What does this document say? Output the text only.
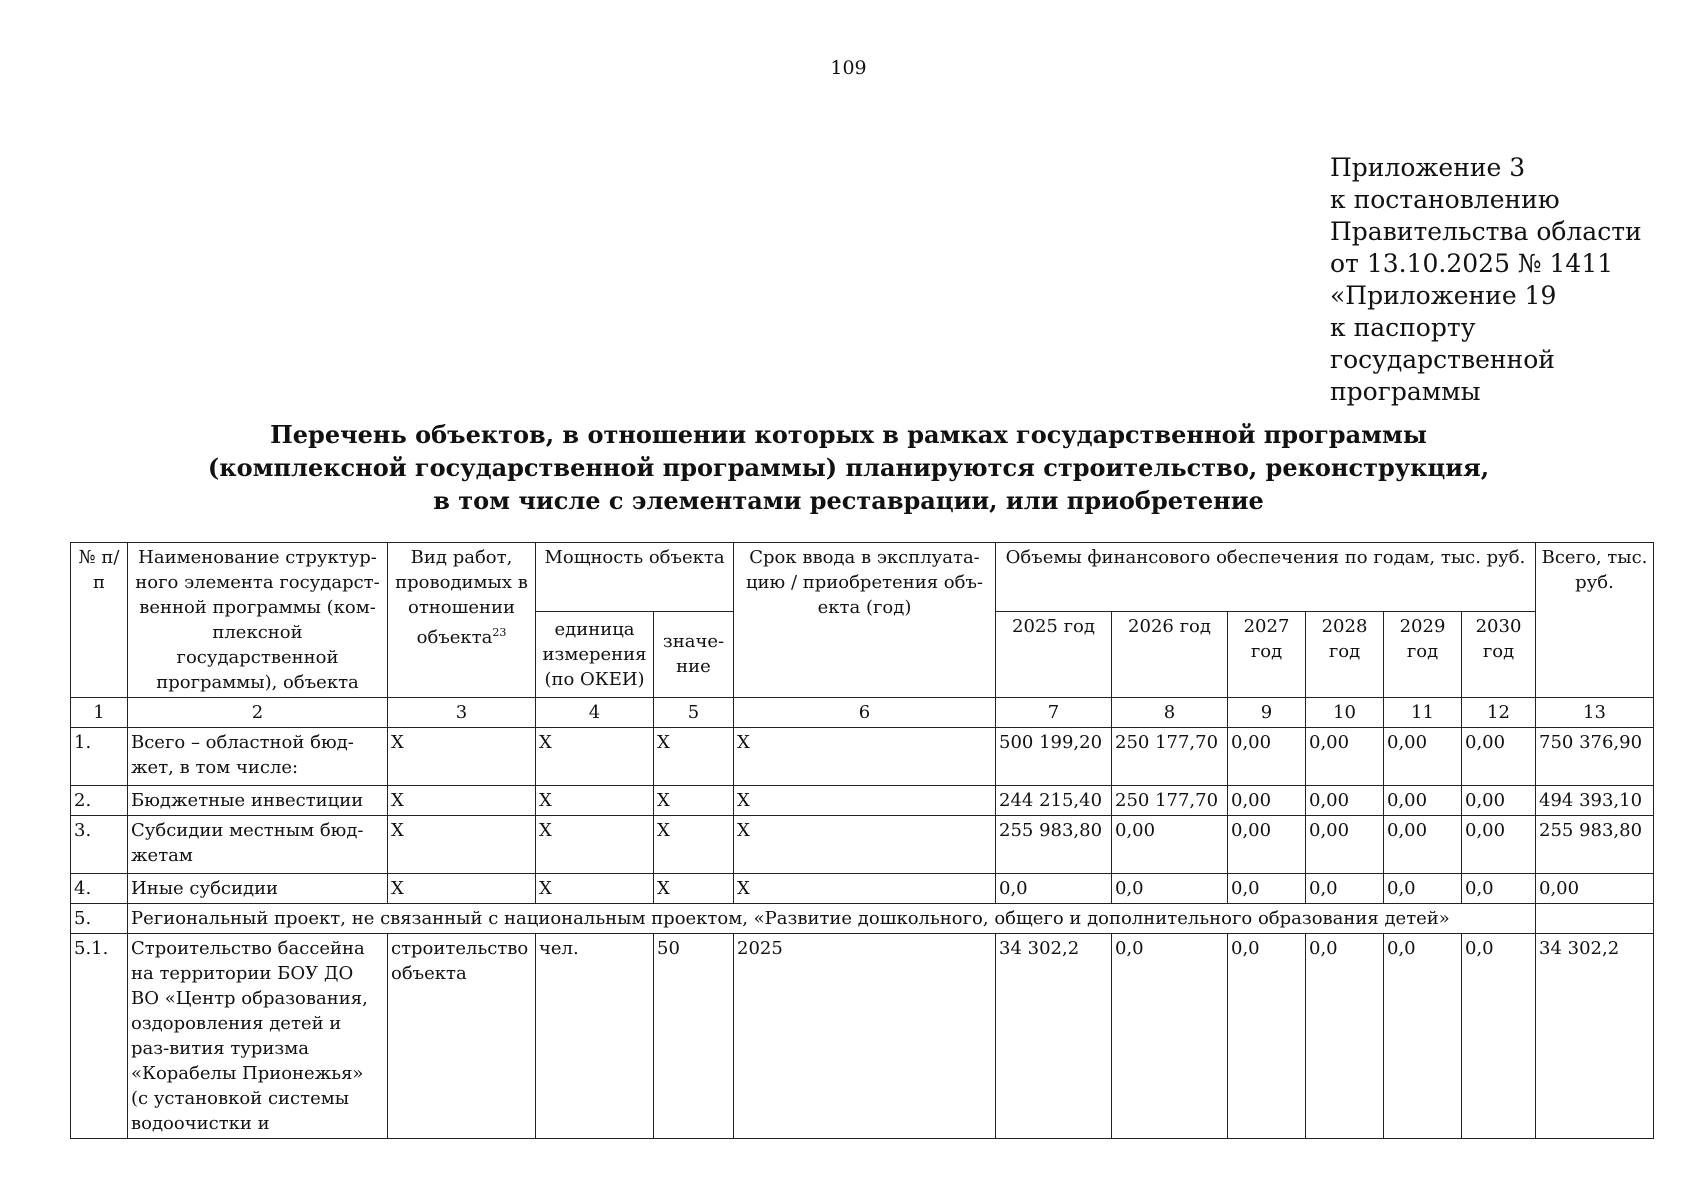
109
Приложение 3
к постановлению
Правительства области
от 13.10.2025 № 1411
«Приложение 19
к паспорту
государственной
программы
Перечень объектов, в отношении которых в рамках государственной программы
(комплексной государственной программы) планируются строительство, реконструкция,
в том числе с элементами реставрации, или приобретение
№ п/п	Наименование структур-ного элемента государст-венной программы (ком-плексной государственной программы), объекта	Вид работ, проводимых в отношении объекта$^{23}$	Мощность объекта		Срок ввода в эксплуата-цию / приобретения объ-екта (год)	Объемы финансового обеспечения по годам, тыс. руб.						Всего, тыс. руб.
			единица измерения (по ОКЕИ)	значе-ние		2025 год	2026 год	2027 год	2028 год	2029 год	2030 год	
1	2	3	4	5	6	7	8	9	10	11	12	13
1.	Всего – областной бюд-жет, в том числе:	Х	Х	Х	Х	500 199,20	250 177,70	0,00	0,00	0,00	0,00	750 376,90
2.	Бюджетные инвестиции	Х	Х	Х	Х	244 215,40	250 177,70	0,00	0,00	0,00	0,00	494 393,10
3.	Субсидии местным бюд-жетам	Х	Х	Х	Х	255 983,80	0,00	0,00	0,00	0,00	0,00	255 983,80
4.	Иные субсидии	Х	Х	Х	Х	0,0	0,0	0,0	0,0	0,0	0,0	0,00
5.	Региональный проект, не связанный с национальным проектом, «Развитие дошкольного, общего и дополнительного образования детей»											
5.1.	Строительство бассейна на территории БОУ ДО ВО «Центр образования, оздоровления детей и раз-вития туризма «Корабелы Прионежья» (с установкой системы водоочистки и	строительство объекта	чел.	50	2025	34 302,2	0,0	0,0	0,0	0,0	0,0	34 302,2
